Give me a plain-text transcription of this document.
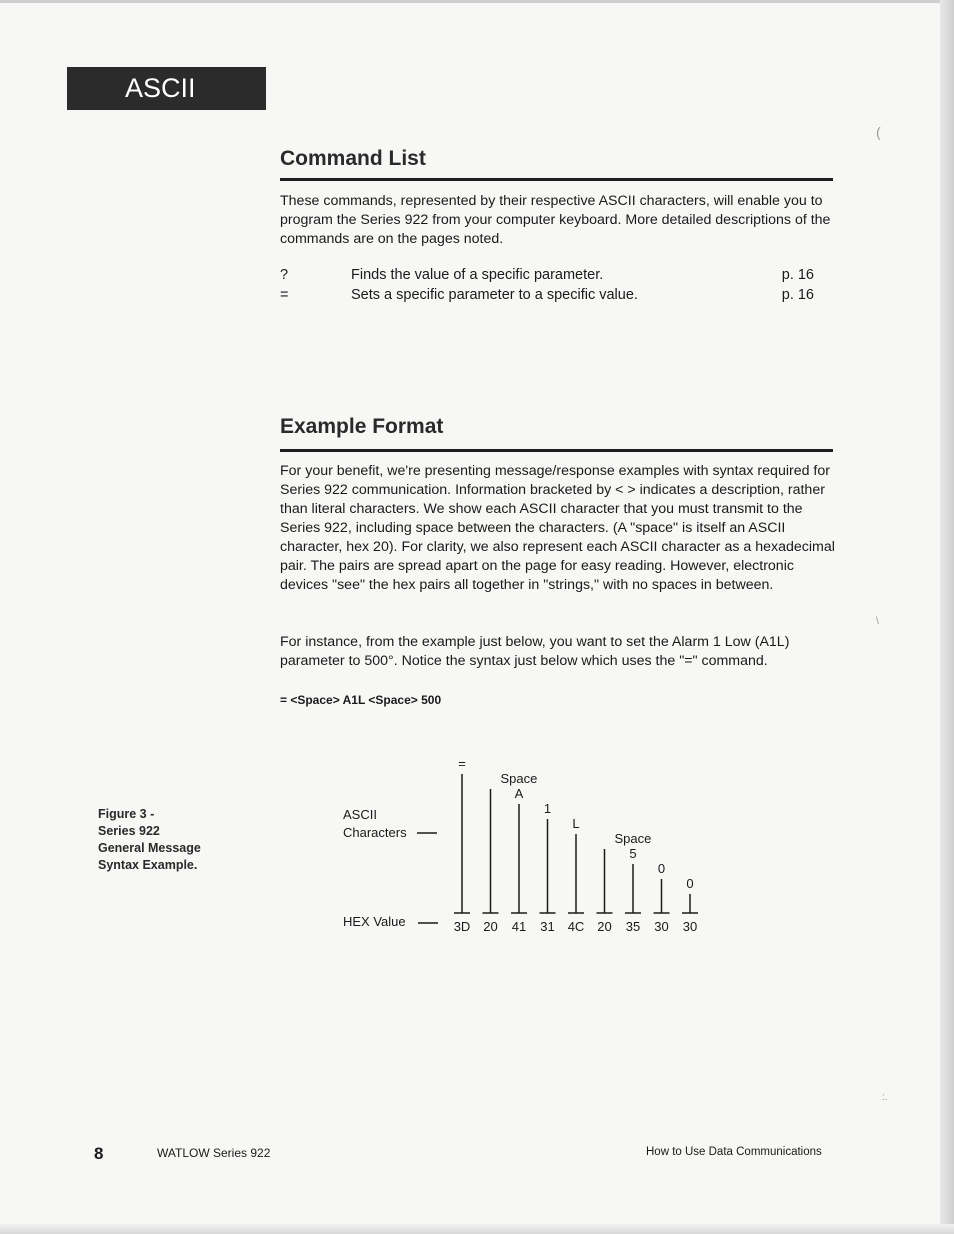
ASCII
Command List

These commands, represented by their respective ASCII characters, will enable you to program the Series 922 from your computer keyboard. More detailed descriptions of the commands are on the pages noted.

?	Finds the value of a specific parameter.	p. 16
=	Sets a specific parameter to a specific value.	p. 16
Example Format

For your benefit, we're presenting message/response examples with syntax required for Series 922 communication. Information bracketed by < > indicates a description, rather than literal characters. We show each ASCII character that you must transmit to the Series 922, including space between the characters. (A "space" is itself an ASCII character, hex 20). For clarity, we also represent each ASCII character as a hexadecimal pair. The pairs are spread apart on the page for easy reading. However, electronic devices "see" the hex pairs all together in "strings," with no spaces in between.

For instance, from the example just below, you want to set the Alarm 1 Low (A1L) parameter to 500°. Notice the syntax just below which uses the "=" command.

= <Space> A1L <Space> 500
Figure 3 -
Series 922
General Message
Syntax Example.
ASCII
Characters
HEX Value
=
3D
Space
20
A
41
1
31
L
4C
Space
20
5
35
0
30
0
30
8	WATLOW Series 922	How to Use Data Communications
(
\
:.
